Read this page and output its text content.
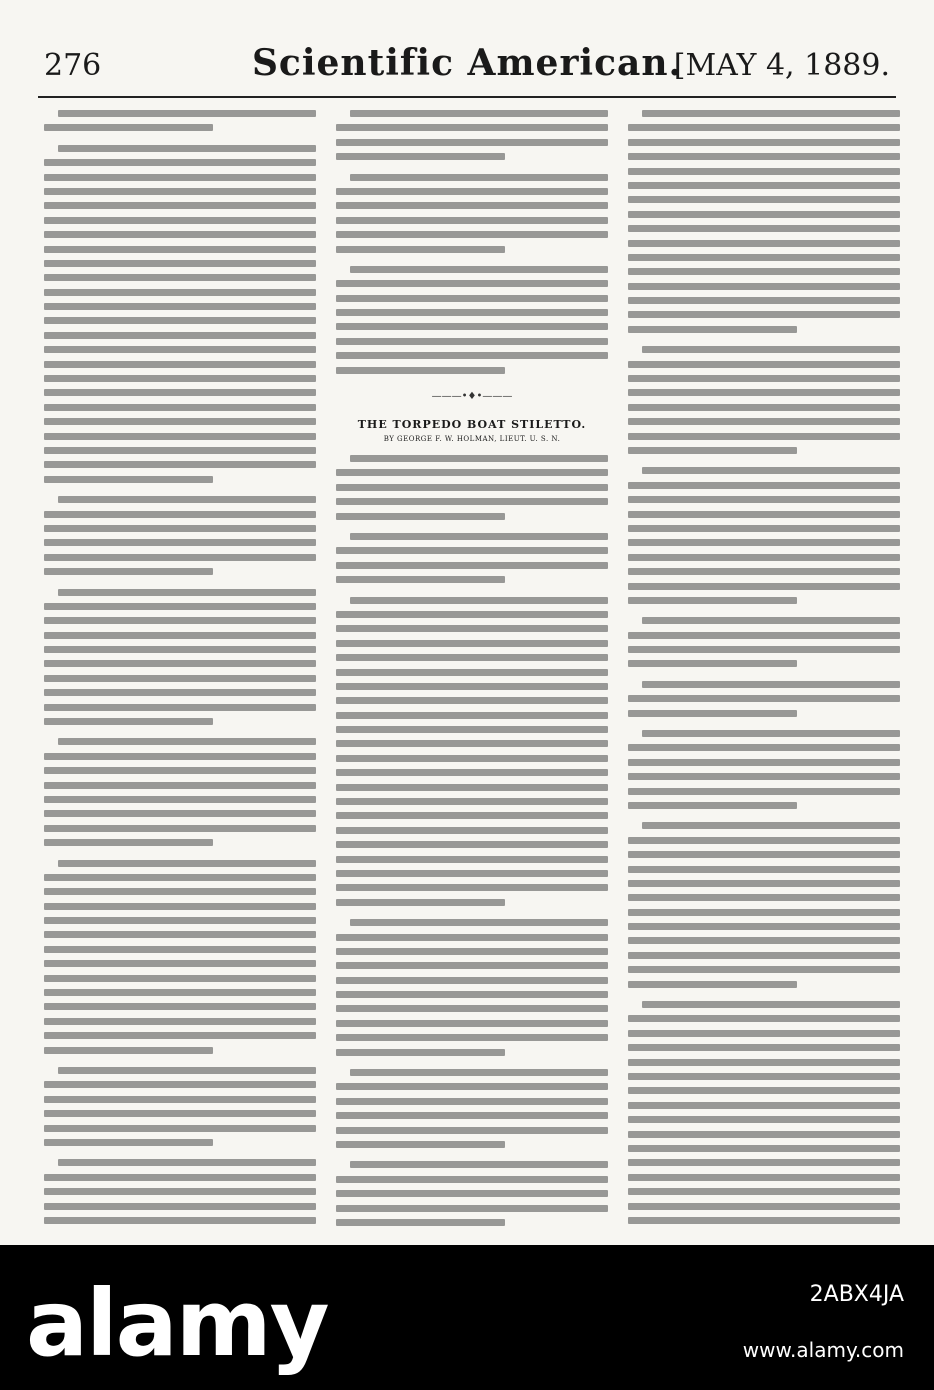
276	Scientific American.
[MAY 4, 1889.
———•♦•———
THE TORPEDO BOAT STILETTO.
BY GEORGE F. W. HOLMAN, LIEUT. U. S. N.
alamy	2ABX4JA
www.alamy.com
